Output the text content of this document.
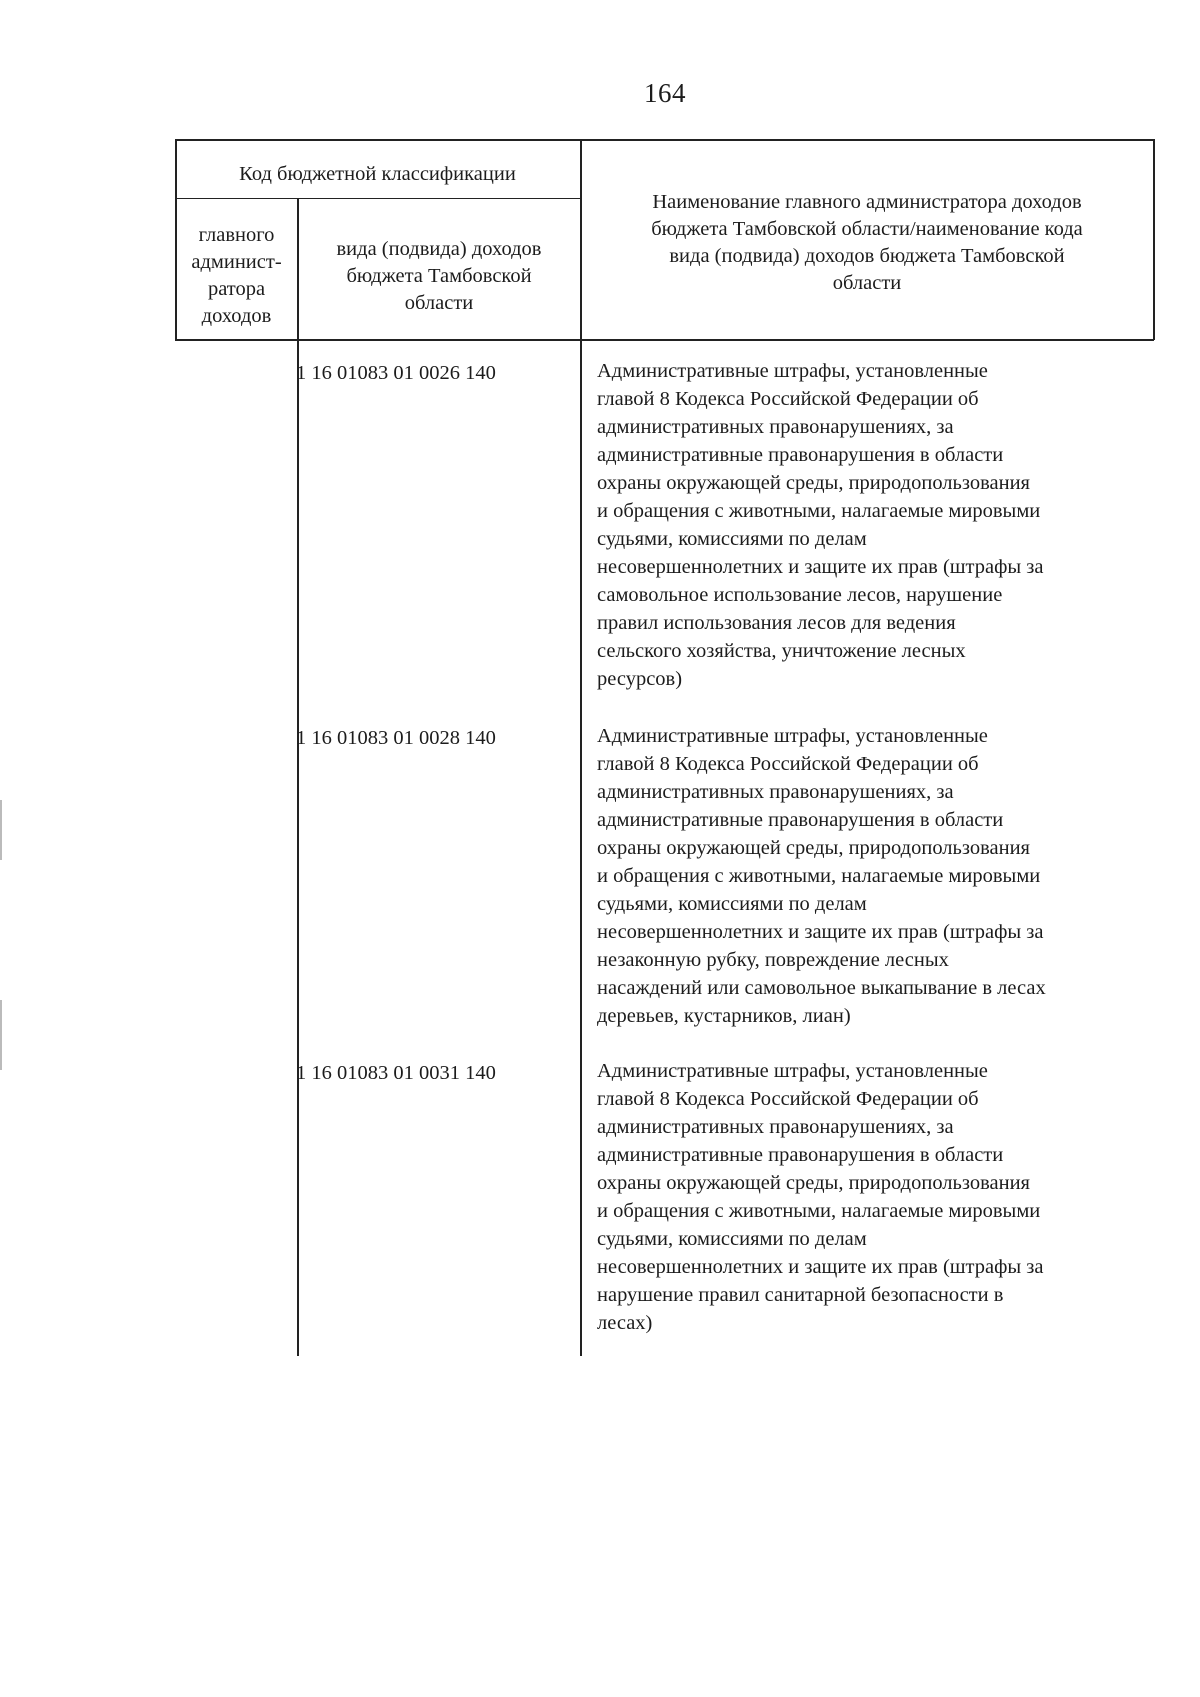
164
Код бюджетной классификации
главного
админист-
ратора
доходов
вида (подвида) доходов
бюджета Тамбовской
области
Наименование главного администратора доходов
бюджета Тамбовской области/наименование кода
вида (подвида) доходов бюджета Тамбовской
области
1 16 01083 01 0026 140	Административные штрафы, установленные
главой 8 Кодекса Российской Федерации об
административных правонарушениях, за
административные правонарушения в области
охраны окружающей среды, природопользования
и обращения с животными, налагаемые мировыми
судьями, комиссиями по делам
несовершеннолетних и защите их прав (штрафы за
самовольное использование лесов, нарушение
правил использования лесов для ведения
сельского хозяйства, уничтожение лесных
ресурсов)
1 16 01083 01 0028 140	Административные штрафы, установленные
главой 8 Кодекса Российской Федерации об
административных правонарушениях, за
административные правонарушения в области
охраны окружающей среды, природопользования
и обращения с животными, налагаемые мировыми
судьями, комиссиями по делам
несовершеннолетних и защите их прав (штрафы за
незаконную рубку, повреждение лесных
насаждений или самовольное выкапывание в лесах
деревьев, кустарников, лиан)
1 16 01083 01 0031 140	Административные штрафы, установленные
главой 8 Кодекса Российской Федерации об
административных правонарушениях, за
административные правонарушения в области
охраны окружающей среды, природопользования
и обращения с животными, налагаемые мировыми
судьями, комиссиями по делам
несовершеннолетних и защите их прав (штрафы за
нарушение правил санитарной безопасности в
лесах)
